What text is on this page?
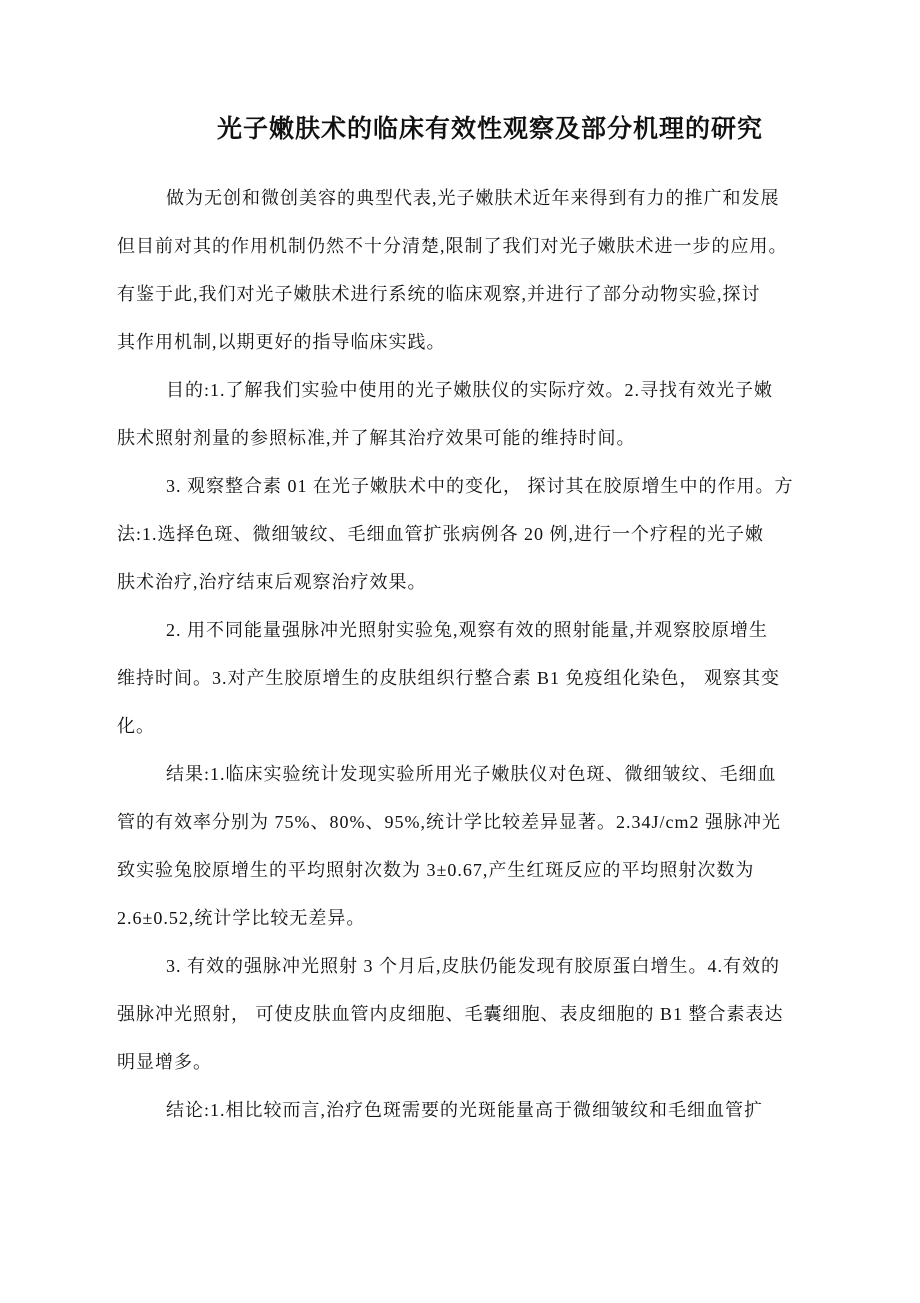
光子嫩肤术的临床有效性观察及部分机理的研究
做为无创和微创美容的典型代表,光子嫩肤术近年来得到有力的推广和发展
但目前对其的作用机制仍然不十分清楚,限制了我们对光子嫩肤术进一步的应用。
有鉴于此,我们对光子嫩肤术进行系统的临床观察,并进行了部分动物实验,探讨
其作用机制,以期更好的指导临床实践。
目的:1.了解我们实验中使用的光子嫩肤仪的实际疗效。2.寻找有效光子嫩
肤术照射剂量的参照标准,并了解其治疗效果可能的维持时间。
3. 观察整合素 01 在光子嫩肤术中的变化， 探讨其在胶原增生中的作用。方
法:1.选择色斑、微细皱纹、毛细血管扩张病例各 20 例,进行一个疗程的光子嫩
肤术治疗,治疗结束后观察治疗效果。
2. 用不同能量强脉冲光照射实验兔,观察有效的照射能量,并观察胶原增生
维持时间。3.对产生胶原增生的皮肤组织行整合素 B1 免疫组化染色， 观察其变
化。
结果:1.临床实验统计发现实验所用光子嫩肤仪对色斑、微细皱纹、毛细血
管的有效率分别为 75%、80%、95%,统计学比较差异显著。2.34J/cm2 强脉冲光
致实验兔胶原增生的平均照射次数为 3±0.67,产生红斑反应的平均照射次数为
2.6±0.52,统计学比较无差异。
3. 有效的强脉冲光照射 3 个月后,皮肤仍能发现有胶原蛋白增生。4.有效的
强脉冲光照射， 可使皮肤血管内皮细胞、毛囊细胞、表皮细胞的 B1 整合素表达
明显增多。
结论:1.相比较而言,治疗色斑需要的光斑能量高于微细皱纹和毛细血管扩
